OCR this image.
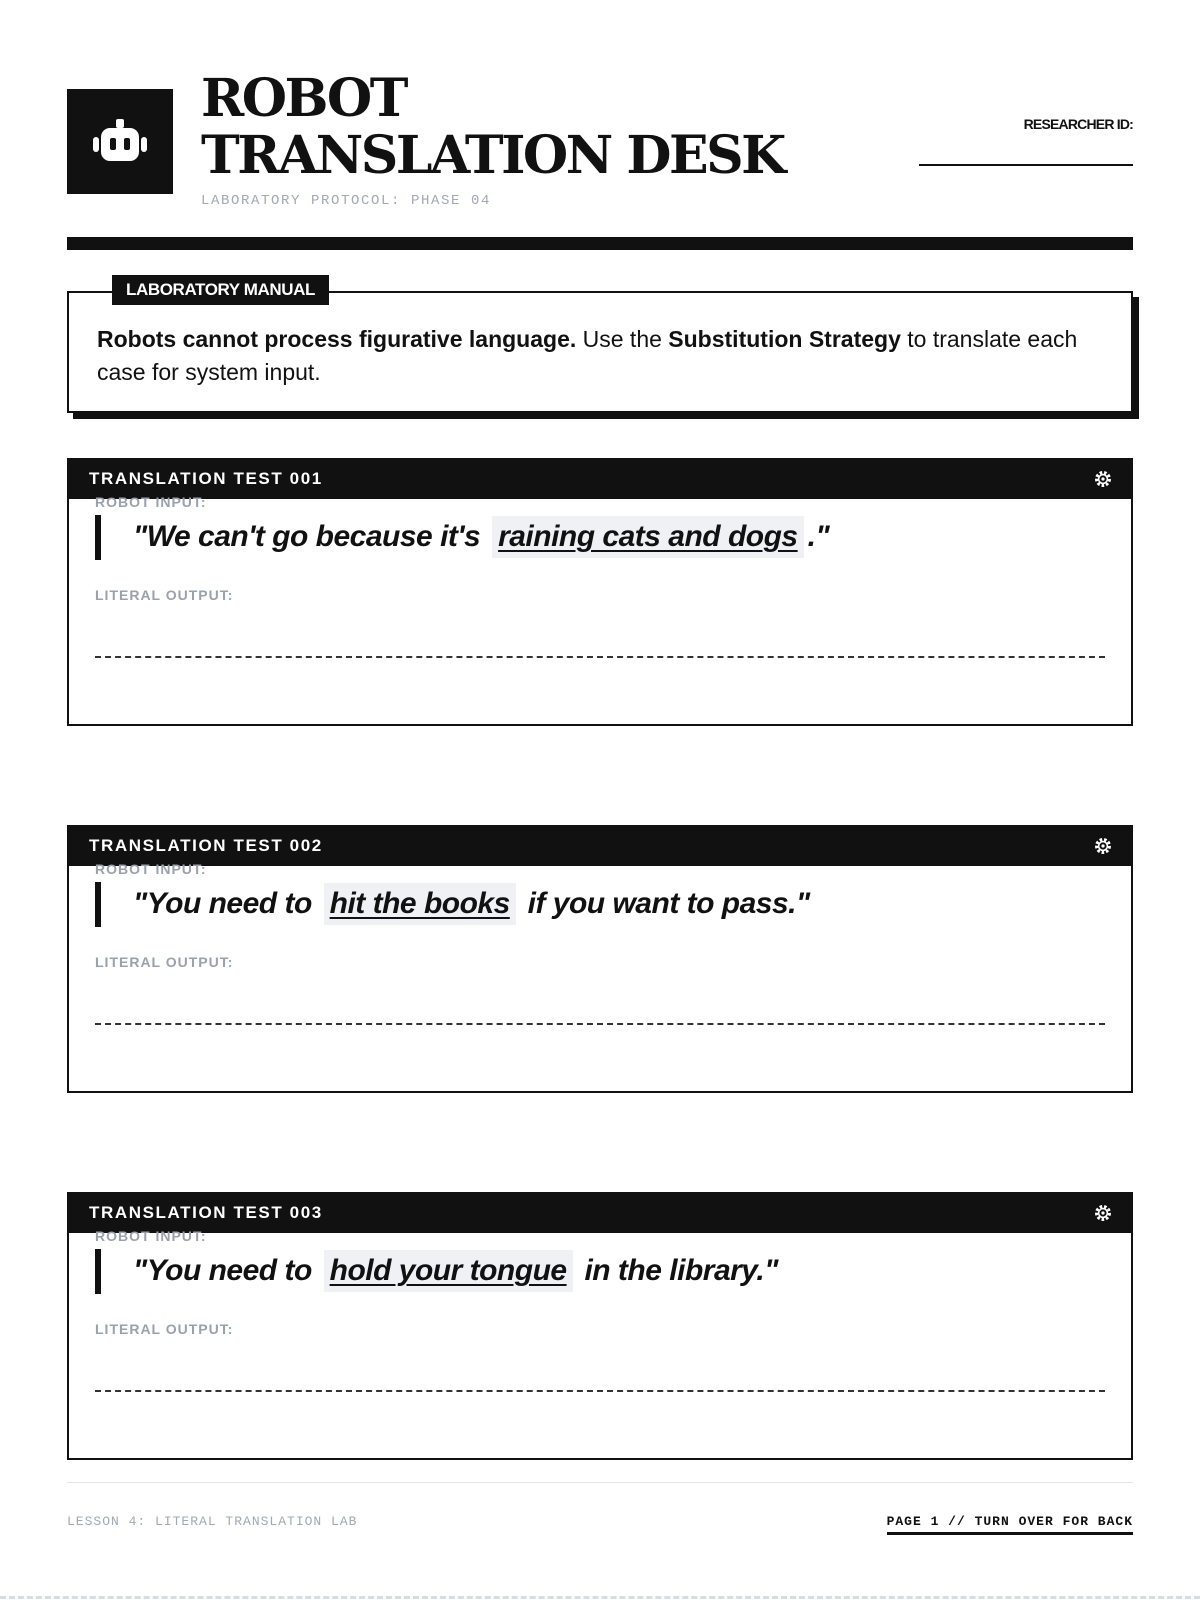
ROBOT
TRANSLATION DESK
LABORATORY PROTOCOL: PHASE 04
RESEARCHER ID:
LABORATORY MANUAL
Robots cannot process figurative language. Use the Substitution Strategy to translate each case for system input.
TRANSLATION TEST 001
ROBOT INPUT:
"We can't go because it's raining cats and dogs ."
LITERAL OUTPUT:
TRANSLATION TEST 002
ROBOT INPUT:
"You need to hit the books if you want to pass."
LITERAL OUTPUT:
TRANSLATION TEST 003
ROBOT INPUT:
"You need to hold your tongue in the library."
LITERAL OUTPUT:
LESSON 4: LITERAL TRANSLATION LAB	PAGE 1 // TURN OVER FOR BACK
